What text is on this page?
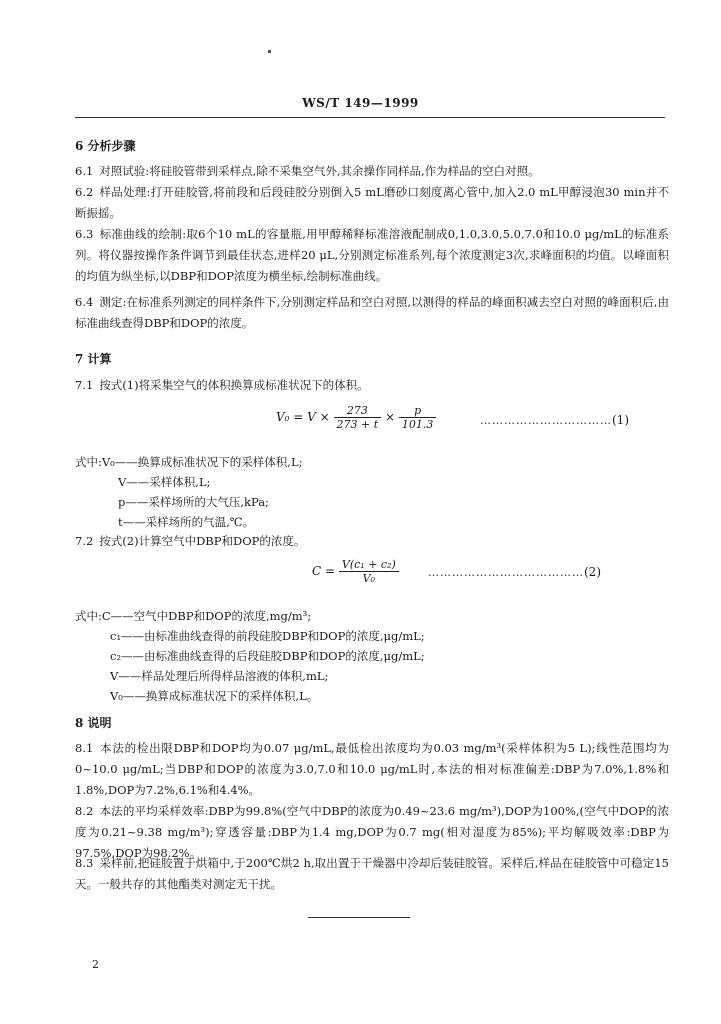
WS/T 149—1999
6 分析步骤
6.1 对照试验:将硅胶管带到采样点,除不采集空气外,其余操作同样品,作为样品的空白对照。
6.2 样品处理:打开硅胶管,将前段和后段硅胶分别倒入5 mL磨砂口刻度离心管中,加入2.0 mL甲醇浸泡30 min并不断振摇。
6.3 标准曲线的绘制:取6个10 mL的容量瓶,用甲醇稀释标准溶液配制成0,1.0,3.0,5.0,7.0和10.0 μg/mL的标准系列。将仪器按操作条件调节到最佳状态,进样20 μL,分别测定标准系列,每个浓度测定3次,求峰面积的均值。以峰面积的均值为纵坐标,以DBP和DOP浓度为横坐标,绘制标准曲线。
6.4 测定:在标准系列测定的同样条件下,分别测定样品和空白对照,以测得的样品的峰面积减去空白对照的峰面积后,由标准曲线查得DBP和DOP的浓度。
7 计算
7.1 按式(1)将采集空气的体积换算成标准状况下的体积。
$V_0 = V \times \frac{273}{273 + t} \times \frac{p}{101.3}$	……………………………(1)
式中:V₀——换算成标准状况下的采样体积,L;
V——采样体积,L;
p——采样场所的大气压,kPa;
t——采样场所的气温,℃。
7.2 按式(2)计算空气中DBP和DOP的浓度。
$C = \frac{\text{V(c₁ + c₂)}}{\text{V₀}}$	…………………………………(2)
式中:C——空气中DBP和DOP的浓度,mg/m³;
c₁——由标准曲线查得的前段硅胶DBP和DOP的浓度,μg/mL;
c₂——由标准曲线查得的后段硅胶DBP和DOP的浓度,μg/mL;
V——样品处理后所得样品溶液的体积,mL;
V₀——换算成标准状况下的采样体积,L。
8 说明
8.1 本法的检出限DBP和DOP均为0.07 μg/mL,最低检出浓度均为0.03 mg/m³(采样体积为5 L);线性范围均为0~10.0 μg/mL;当DBP和DOP的浓度为3.0,7.0和10.0 μg/mL时,本法的相对标准偏差:DBP为7.0%,1.8%和1.8%,DOP为7.2%,6.1%和4.4%。
8.2 本法的平均采样效率:DBP为99.8%(空气中DBP的浓度为0.49~23.6 mg/m³),DOP为100%,(空气中DOP的浓度为0.21~9.38 mg/m³);穿透容量:DBP为1.4 mg,DOP为0.7 mg(相对湿度为85%);平均解吸效率:DBP为97.5%,DOP为98.2%。
8.3 采样前,把硅胶置于烘箱中,于200℃烘2 h,取出置于干燥器中冷却后装硅胶管。采样后,样品在硅胶管中可稳定15天。一般共存的其他酯类对测定无干扰。
2
